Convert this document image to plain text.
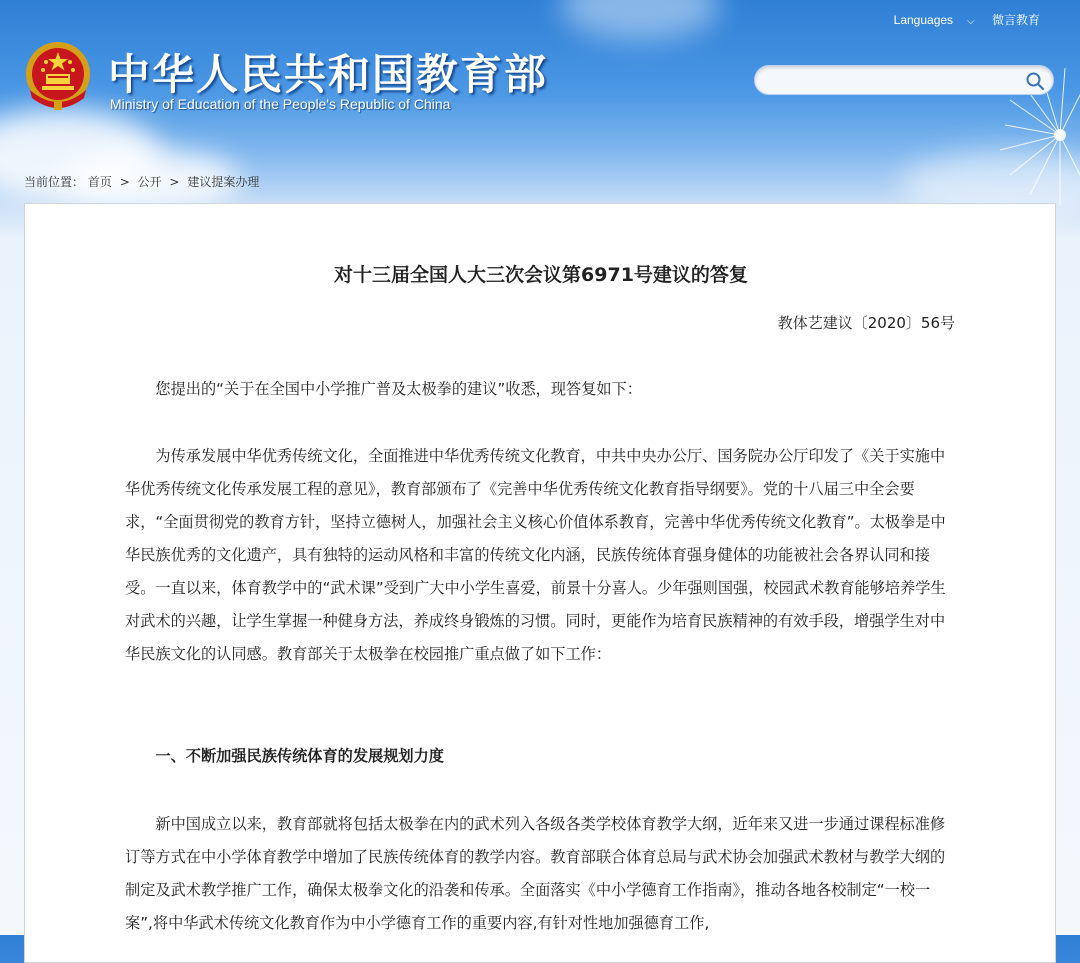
中华人民共和国教育部
Ministry of Education of the People's Republic of China
Languages ⌵ 微言教育
当前位置： 首页 > 公开 > 建议提案办理
对十三届全国人大三次会议第6971号建议的答复
教体艺建议〔2020〕56号

您提出的“关于在全国中小学推广普及太极拳的建议”收悉，现答复如下：

为传承发展中华优秀传统文化，全面推进中华优秀传统文化教育，中共中央办公厅、国务院办公厅印发了《关于实施中华优秀传统文化传承发展工程的意见》，教育部颁布了《完善中华优秀传统文化教育指导纲要》。党的十八届三中全会要求，“全面贯彻党的教育方针，坚持立德树人，加强社会主义核心价值体系教育，完善中华优秀传统文化教育”。太极拳是中华民族优秀的文化遗产，具有独特的运动风格和丰富的传统文化内涵，民族传统体育强身健体的功能被社会各界认同和接受。一直以来，体育教学中的“武术课”受到广大中小学生喜爱，前景十分喜人。少年强则国强，校园武术教育能够培养学生对武术的兴趣，让学生掌握一种健身方法，养成终身锻炼的习惯。同时，更能作为培育民族精神的有效手段，增强学生对中华民族文化的认同感。教育部关于太极拳在校园推广重点做了如下工作：

一、不断加强民族传统体育的发展规划力度

新中国成立以来，教育部就将包括太极拳在内的武术列入各级各类学校体育教学大纲，近年来又进一步通过课程标准修订等方式在中小学体育教学中增加了民族传统体育的教学内容。教育部联合体育总局与武术协会加强武术教材与教学大纲的制定及武术教学推广工作，确保太极拳文化的沿袭和传承。全面落实《中小学德育工作指南》，推动各地各校制定“一校一案”,将中华武术传统文化教育作为中小学德育工作的重要内容,有针对性地加强德育工作,
